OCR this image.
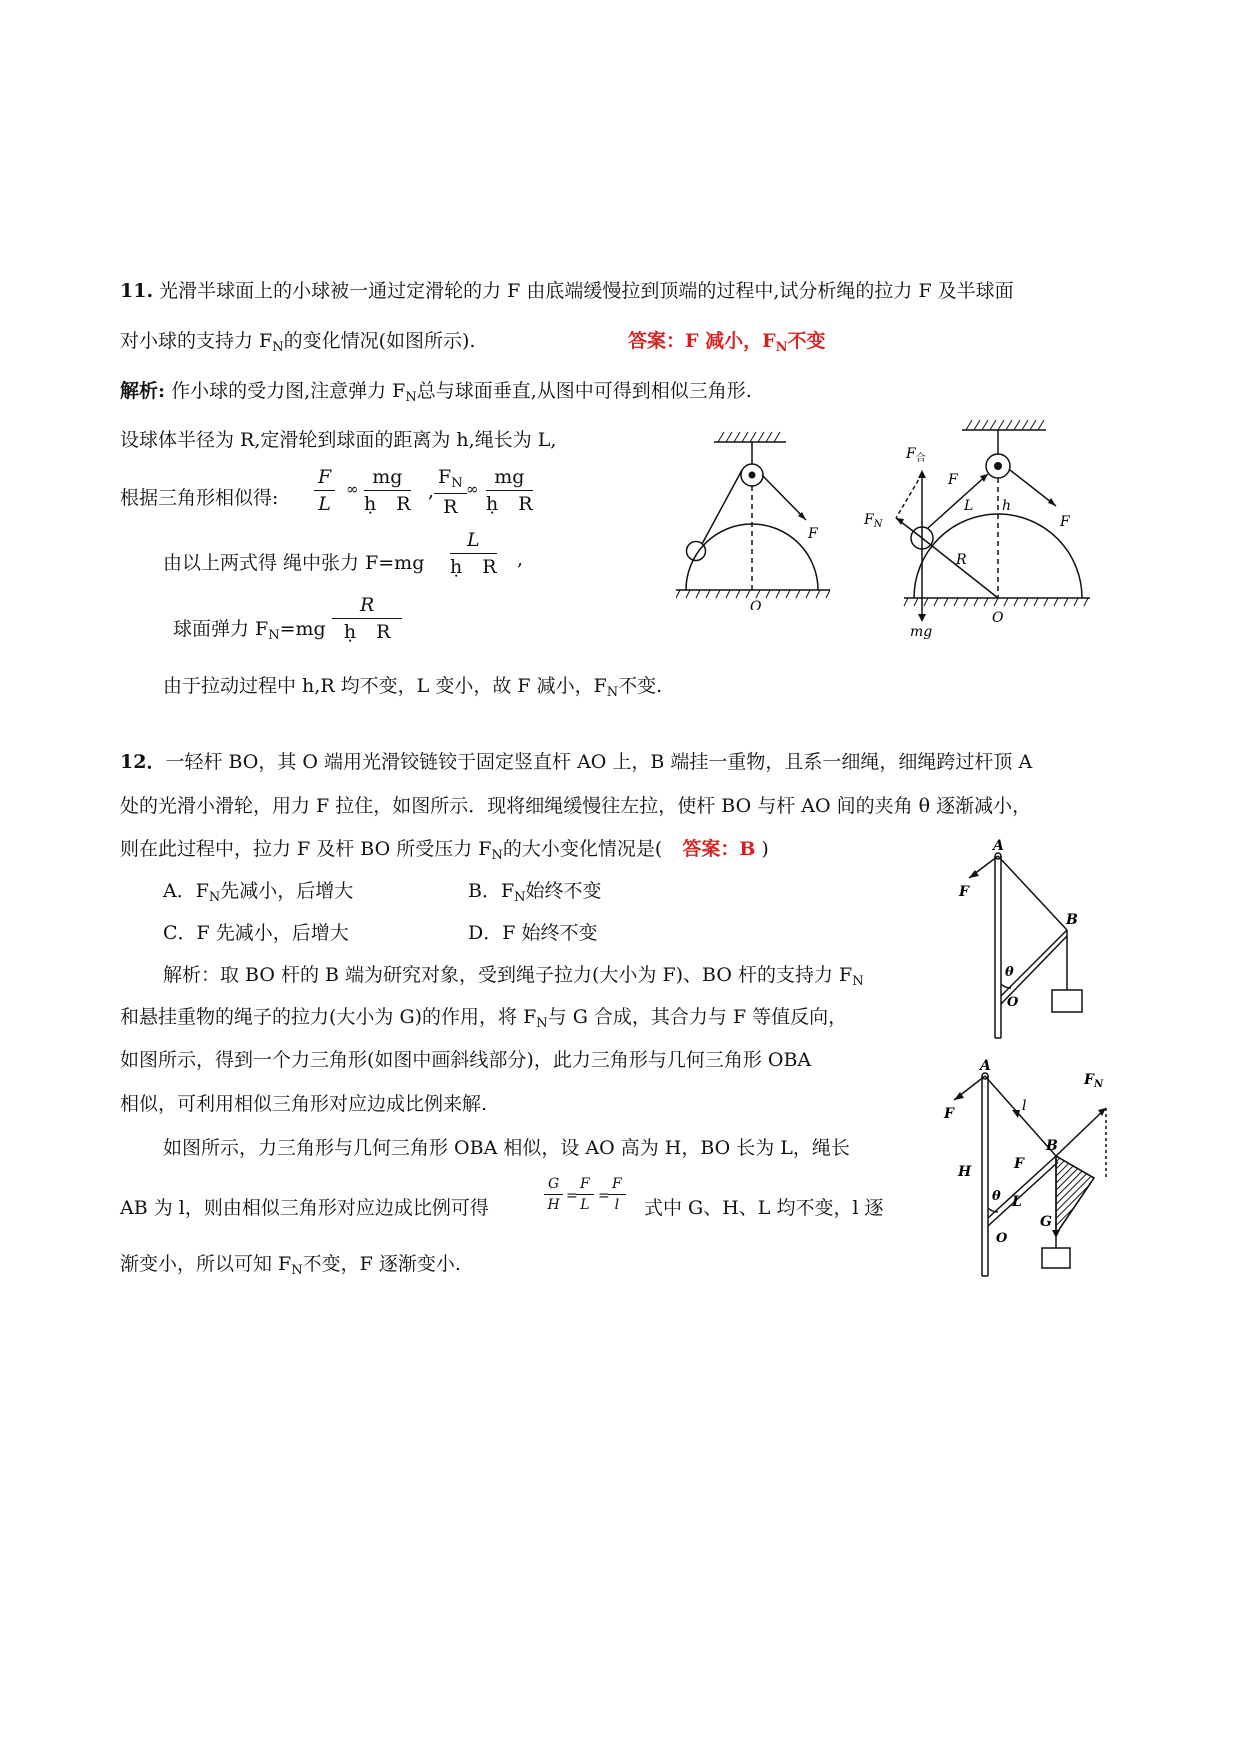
11. 光滑半球面上的小球被一通过定滑轮的力 F 由底端缓慢拉到顶端的过程中,试分析绳的拉力 F 及半球面
对小球的支持力 $F_N$的变化情况(如图所示).	答案：F 减小，$F_N$不变
解析: 作小球的受力图,注意弹力 $F_N$总与球面垂直,从图中可得到相似三角形.
设球体半径为 R,定滑轮到球面的距离为 h,绳长为 L,
根据三角形相似得: $\frac{F}{L}$ ∞ $\frac{mg}{\text{ḥ R}}$ , $\frac{F_N}{R}$ ∞ $\frac{mg}{\text{ḥ R}}$
由以上两式得 绳中张力 $F=mg \frac{L}{\text{ḥ R}}$ ,
球面弹力 $F_N=mg \frac{R}{\text{ḥ R}}$
由于拉动过程中 h,R 均不变，L 变小，故 F 减小，$F_N$不变.
F
O
$F_合$
F
$F_N$
L h
R
F
mg
O
12．一轻杆 BO，其 O 端用光滑铰链铰于固定竖直杆 AO 上，B 端挂一重物，且系一细绳，细绳跨过杆顶 A
处的光滑小滑轮，用力 F 拉住，如图所示．现将细绳缓慢往左拉，使杆 BO 与杆 AO 间的夹角 θ 逐渐减小，
则在此过程中，拉力 F 及杆 BO 所受压力 $F_N$的大小变化情况是( 答案：B )
A．$F_N$先减小，后增大	B．$F_N$始终不变
C．F 先减小，后增大	D．F 始终不变
解析：取 BO 杆的 B 端为研究对象，受到绳子拉力(大小为 F)、BO 杆的支持力 $F_N$
和悬挂重物的绳子的拉力(大小为 G)的作用，将 $F_N$与 G 合成，其合力与 F 等值反向，
如图所示，得到一个力三角形(如图中画斜线部分)，此力三角形与几何三角形 OBA
相似，可利用相似三角形对应边成比例来解.
如图所示，力三角形与几何三角形 OBA 相似，设 AO 高为 H，BO 长为 L，绳长
AB 为 l，则由相似三角形对应边成比例可得	$\frac{G}{H}$ =
$\frac{F}{L}$ =
$\frac{F}{l}$ 式中 G、H、L 均不变，l 逐
渐变小，所以可知 $F_N$不变，F 逐渐变小.
A
F
B
θ
O
A
F	l
$F_N$
B
F
H
θ L
O
G
